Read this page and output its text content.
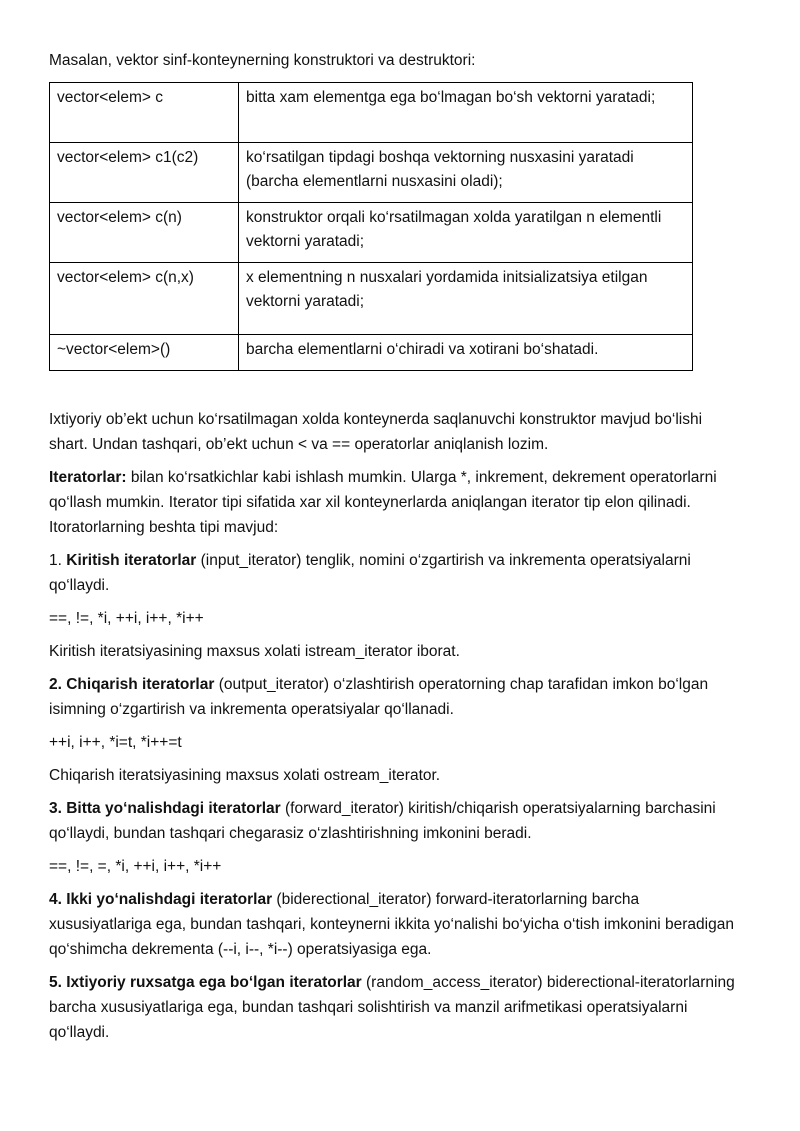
Masalan, vektor sinf-konteynerning konstruktori va destruktori:

vector<elem> c	bitta xam elementga ega bo‘lmagan bo‘sh vektorni yaratadi;
vector<elem> c1(c2)	ko‘rsatilgan tipdagi boshqa vektorning nusxasini yaratadi (barcha elementlarni nusxasini oladi);
vector<elem> c(n)	konstruktor orqali ko‘rsatilmagan xolda yaratilgan n elementli vektorni yaratadi;
vector<elem> c(n,x)	x elementning n nusxalari yordamida initsializatsiya etilgan vektorni yaratadi;
~vector<elem>()	barcha elementlarni o‘chiradi va xotirani bo‘shatadi.

Ixtiyoriy ob’ekt uchun ko‘rsatilmagan xolda konteynerda saqlanuvchi konstruktor mavjud bo‘lishi shart. Undan tashqari, ob’ekt uchun < va == operatorlar aniqlanish lozim.

Iteratorlar: bilan ko‘rsatkichlar kabi ishlash mumkin. Ularga *, inkrement, dekrement operatorlarni qo‘llash mumkin. Iterator tipi sifatida xar xil konteynerlarda aniqlangan iterator tip elon qilinadi. Itoratorlarning beshta tipi mavjud:

1. Kiritish iteratorlar (input_iterator) tenglik, nomini o‘zgartirish va inkrementa operatsiyalarni qo‘llaydi.

==, !=, *i, ++i, i++, *i++

Kiritish iteratsiyasining maxsus xolati istream_iterator iborat.

2. Chiqarish iteratorlar (output_iterator) o‘zlashtirish operatorning chap tarafidan imkon bo‘lgan isimning o‘zgartirish va inkrementa operatsiyalar qo‘llanadi.

++i, i++, *i=t, *i++=t

Chiqarish iteratsiyasining maxsus xolati ostream_iterator.

3. Bitta yo‘nalishdagi iteratorlar (forward_iterator) kiritish/chiqarish operatsiyalarning barchasini qo‘llaydi, bundan tashqari chegarasiz o‘zlashtirishning imkonini beradi.

==, !=, =, *i, ++i, i++, *i++

4. Ikki yo‘nalishdagi iteratorlar (biderectional_iterator) forward-iteratorlarning barcha xususiyatlariga ega, bundan tashqari, konteynerni ikkita yo‘nalishi bo‘yicha o‘tish imkonini beradigan qo‘shimcha dekrementa (--i, i--, *i--) operatsiyasiga ega.

5. Ixtiyoriy ruxsatga ega bo‘lgan iteratorlar (random_access_iterator) biderectional-iteratorlarning barcha xususiyatlariga ega, bundan tashqari solishtirish va manzil arifmetikasi operatsiyalarni qo‘llaydi.
